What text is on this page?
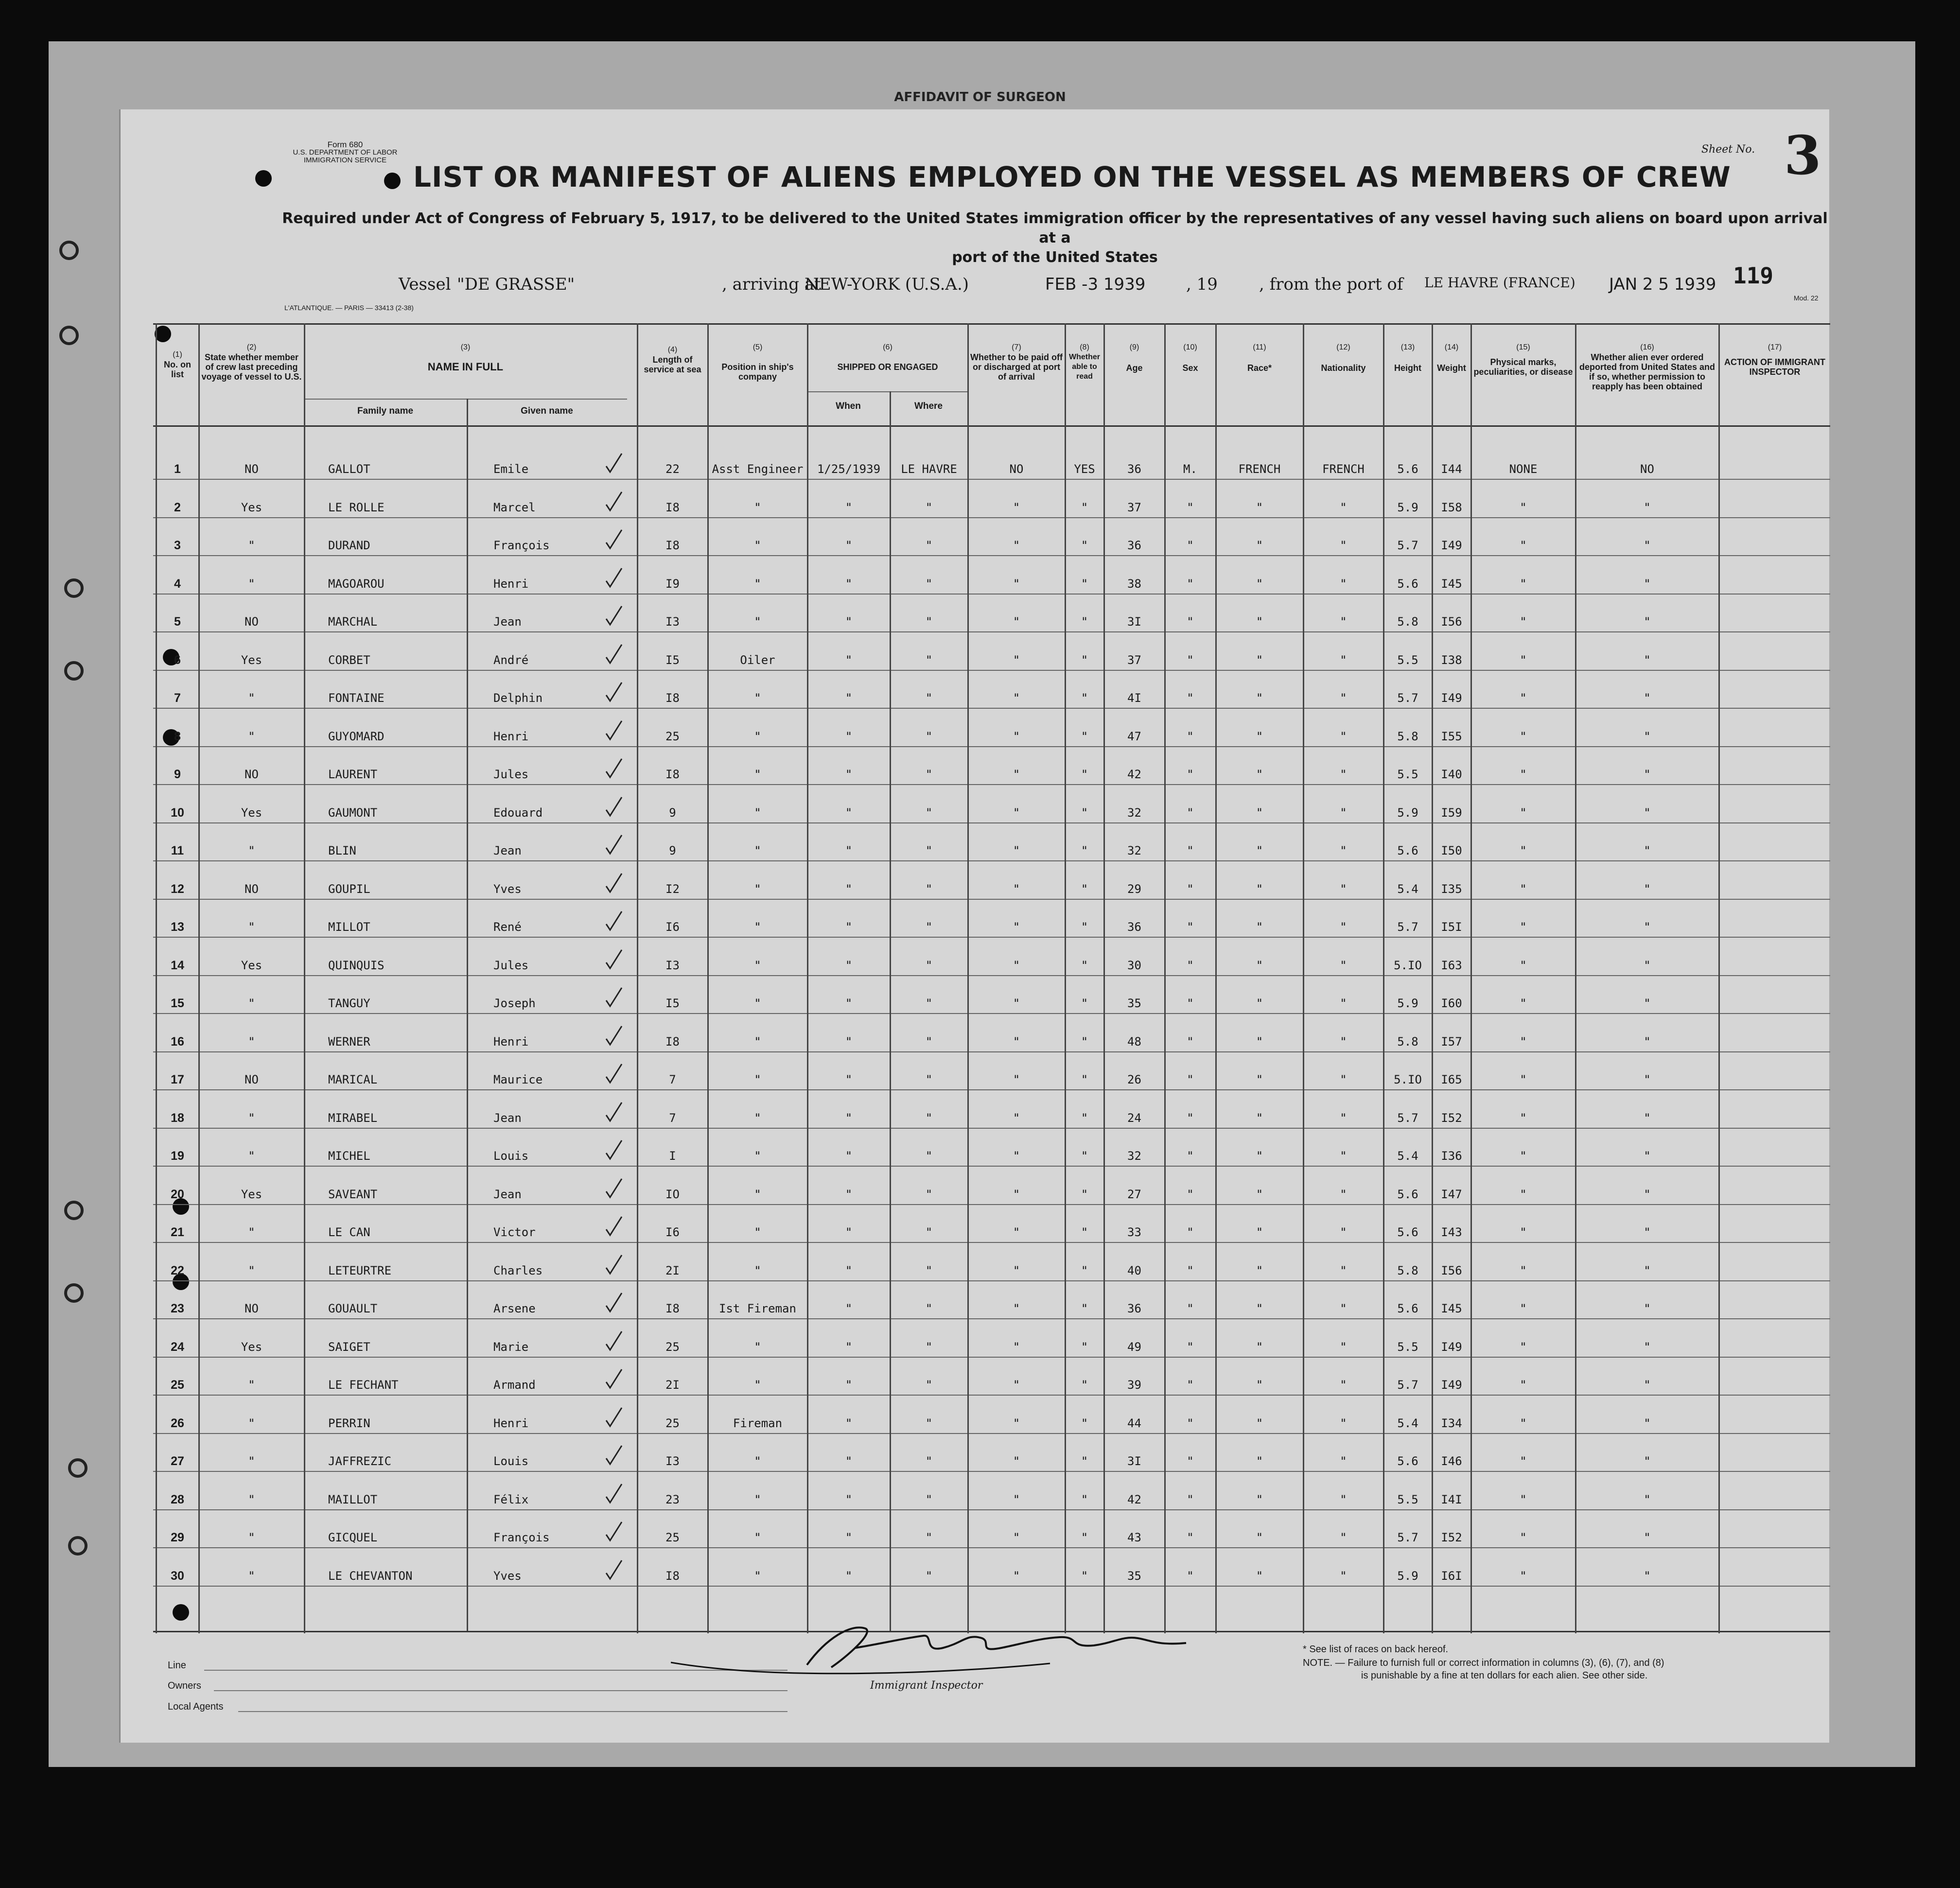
AFFIDAVIT OF SURGEON
Form 680
U.S. DEPARTMENT OF LABOR
IMMIGRATION SERVICE
LIST OR MANIFEST OF ALIENS EMPLOYED ON THE VESSEL AS MEMBERS OF CREW
Sheet No. 3
Required under Act of Congress of February 5, 1917, to be delivered to the United States immigration officer by the representatives of any vessel having such aliens on board upon arrival at a
port of the United States
Vessel "DE GRASSE"	, arriving at
NEW-YORK (U.S.A.)	FEB -3 1939 , 19	, from the port of LE HAVRE (FRANCE) JAN 2 5 1939 119
L'ATLANTIQUE. — PARIS — 33413 (2-38)
Mod. 22
(1)
No. on list
(2)
State whether member of crew last preceding voyage of vessel to U.S.
(3)
NAME IN FULL
Family name	Given name
(4)
Length of service at sea
(5)
Position in ship's company
(6)
SHIPPED OR ENGAGED
When	Where
(7)
Whether to be paid off or discharged at port of arrival
(8)
Whether able to read
(9)
Age
(10)
Sex
(11)
Race*
(12)
Nationality
(13)
Height
(14)
Weight
(15)
Physical marks, peculiarities, or disease
(16)
Whether alien ever ordered deported from United States and if so, whether permission to reapply has been obtained
(17)
ACTION OF IMMIGRANT INSPECTOR
1	NO	GALLOT	Emile	22	Asst Engineer	1/25/1939	LE HAVRE	NO	YES	36	M.	FRENCH	FRENCH	5.6	I44	NONE	NO
2	Yes	LE ROLLE	Marcel	I8	"	"	"	"	"	37	"	"	"	5.9	I58	"	"
3	"	DURAND	François	I8	"	"	"	"	"	36	"	"	"	5.7	I49	"	"
4	"	MAGOAROU	Henri	I9	"	"	"	"	"	38	"	"	"	5.6	I45	"	"
5	NO	MARCHAL	Jean	I3	"	"	"	"	"	3I	"	"	"	5.8	I56	"	"
6	Yes	CORBET	André	I5	Oiler	"	"	"	"	37	"	"	"	5.5	I38	"	"
7	"	FONTAINE	Delphin	I8	"	"	"	"	"	4I	"	"	"	5.7	I49	"	"
8	"	GUYOMARD	Henri	25	"	"	"	"	"	47	"	"	"	5.8	I55	"	"
9	NO	LAURENT	Jules	I8	"	"	"	"	"	42	"	"	"	5.5	I40	"	"
10	Yes	GAUMONT	Edouard	9	"	"	"	"	"	32	"	"	"	5.9	I59	"	"
11	"	BLIN	Jean	9	"	"	"	"	"	32	"	"	"	5.6	I50	"	"
12	NO	GOUPIL	Yves	I2	"	"	"	"	"	29	"	"	"	5.4	I35	"	"
13	"	MILLOT	René	I6	"	"	"	"	"	36	"	"	"	5.7	I5I	"	"
14	Yes	QUINQUIS	Jules	I3	"	"	"	"	"	30	"	"	"	5.IO	I63	"	"
15	"	TANGUY	Joseph	I5	"	"	"	"	"	35	"	"	"	5.9	I60	"	"
16	"	WERNER	Henri	I8	"	"	"	"	"	48	"	"	"	5.8	I57	"	"
17	NO	MARICAL	Maurice	7	"	"	"	"	"	26	"	"	"	5.IO	I65	"	"
18	"	MIRABEL	Jean	7	"	"	"	"	"	24	"	"	"	5.7	I52	"	"
19	"	MICHEL	Louis	I	"	"	"	"	"	32	"	"	"	5.4	I36	"	"
20	Yes	SAVEANT	Jean	IO	"	"	"	"	"	27	"	"	"	5.6	I47	"	"
21	"	LE CAN	Victor	I6	"	"	"	"	"	33	"	"	"	5.6	I43	"	"
22	"	LETEURTRE	Charles	2I	"	"	"	"	"	40	"	"	"	5.8	I56	"	"
23	NO	GOUAULT	Arsene	I8	Ist Fireman	"	"	"	"	36	"	"	"	5.6	I45	"	"
24	Yes	SAIGET	Marie	25	"	"	"	"	"	49	"	"	"	5.5	I49	"	"
25	"	LE FECHANT	Armand	2I	"	"	"	"	"	39	"	"	"	5.7	I49	"	"
26	"	PERRIN	Henri	25	Fireman	"	"	"	"	44	"	"	"	5.4	I34	"	"
27	"	JAFFREZIC	Louis	I3	"	"	"	"	"	3I	"	"	"	5.6	I46	"	"
28	"	MAILLOT	Félix	23	"	"	"	"	"	42	"	"	"	5.5	I4I	"	"
29	"	GICQUEL	François	25	"	"	"	"	"	43	"	"	"	5.7	I52	"	"
30	"	LE CHEVANTON	Yves	I8	"	"	"	"	"	35	"	"	"	5.9	I6I	"	"
Line
Owners
Local Agents
Immigrant Inspector
* See list of races on back hereof.
NOTE. — Failure to furnish full or correct information in columns (3), (6), (7), and (8)
is punishable by a fine at ten dollars for each alien. See other side.
